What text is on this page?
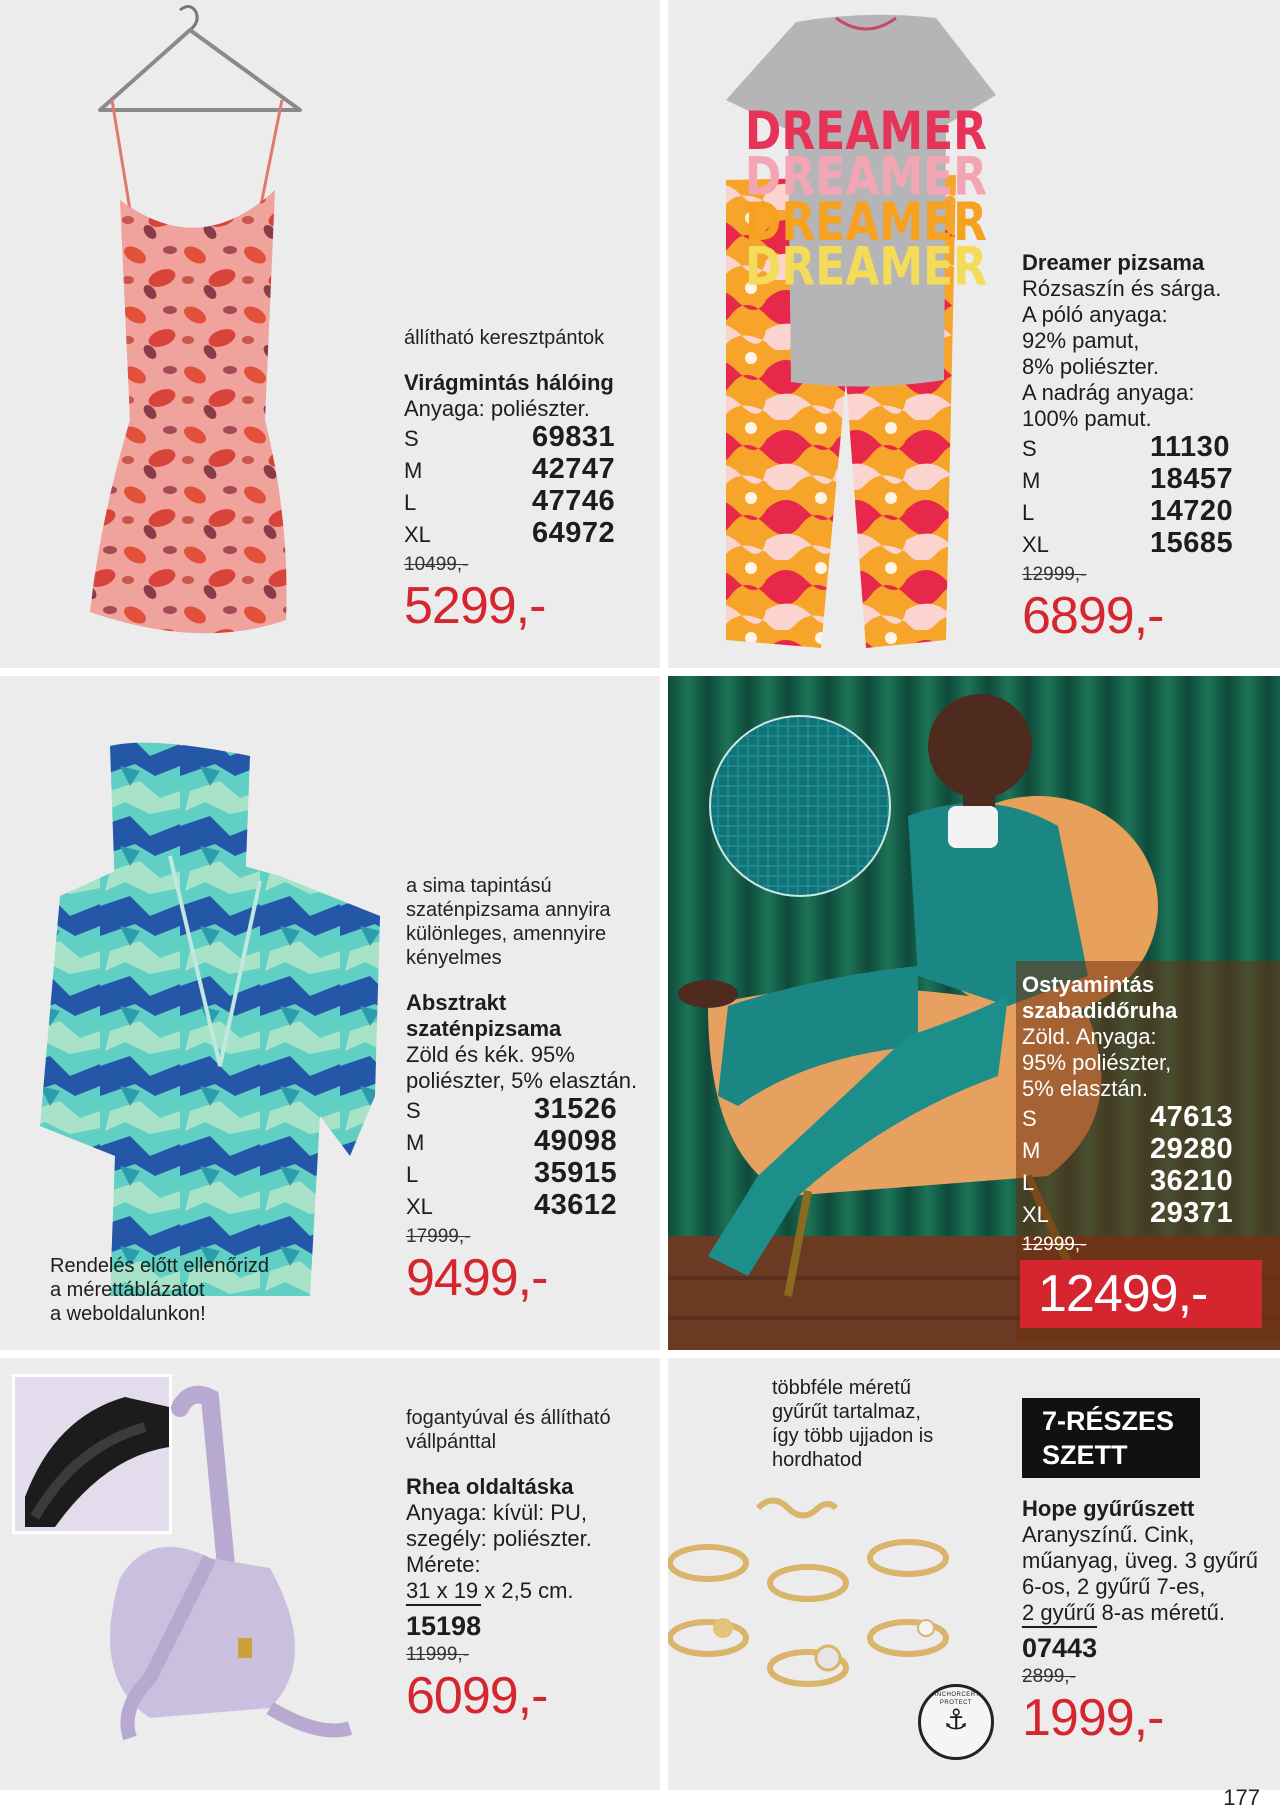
állítható keresztpántok
Virágmintás hálóing
Anyaga: poliészter.
S	69831
M	42747
L	47746
XL	64972
10499,-
5299,-
DREAMER
DREAMER
DREAMER
DREAMER Dreamer pizsama
Rózsaszín és sárga.
A póló anyaga:
92% pamut,
8% poliészter.
A nadrág anyaga:
100% pamut.
S	11130
M	18457
L	14720
XL	15685
12999,-
6899,-
Rendelés előtt ellenőrizd
a mérettáblázatot
a weboldalunkon!
a sima tapintású
szaténpizsama annyira
különleges, amennyire
kényelmes
Absztrakt
szaténpizsama
Zöld és kék. 95%
poliészter, 5% elasztán.
S	31526
M	49098
L	35915
XL	43612
17999,-
9499,-
Ostyamintás
szabadidőruha
Zöld. Anyaga:
95% poliészter,
5% elasztán.
S	47613
M	29280
L	36210
XL	29371
12999,-
12499,-
fogantyúval és állítható
vállpánttal
Rhea oldaltáska
Anyaga: kívül: PU,
szegély: poliészter.
Mérete:
31 x 19 x 2,5 cm.
15198
11999,-
6099,-
többféle méretű
gyűrűt tartalmaz,
így több ujjadon is
hordhatod
⚓
ANCHORCERT PROTECT
7-RÉSZES
SZETT
Hope gyűrűszett
Aranyszínű. Cink,
műanyag, üveg. 3 gyűrű
6-os, 2 gyűrű 7-es,
2 gyűrű 8-as méretű.
07443
2899,-
1999,-
177
